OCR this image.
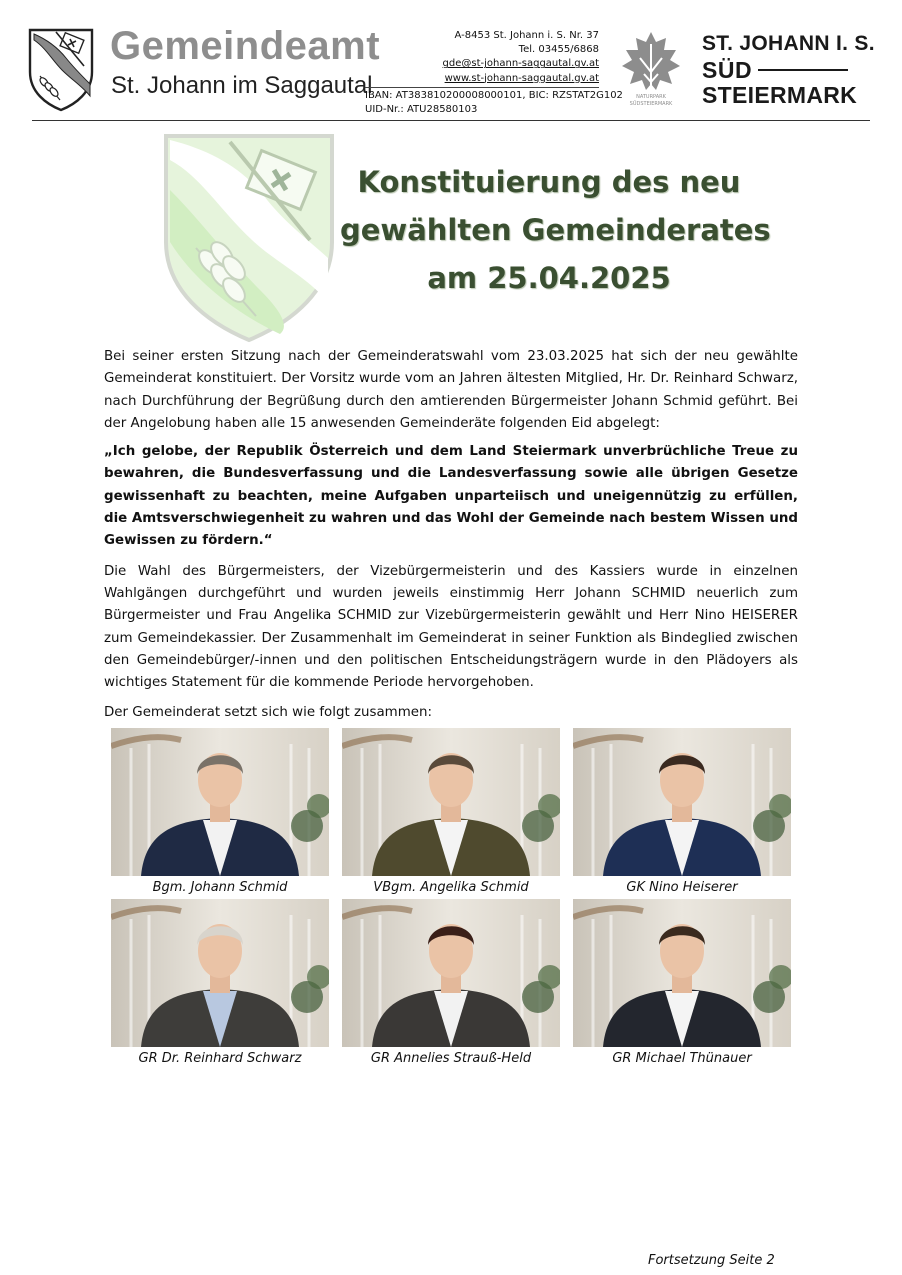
Gemeindeamt
St. Johann im Saggautal
A-8453 St. Johann i. S. Nr. 37
Tel. 03455/6868
gde@st-johann-saggautal.gv.at
www.st-johann-saggautal.gv.at
IBAN: AT383810200008000101, BIC: RZSTAT2G102
UID-Nr.: ATU28580103
NATURPARK
SÜDSTEIERMARK
ST. JOHANN I. S.
SÜD
STEIERMARK
Konstituierung des neu
gewählten Gemeinderates
am 25.04.2025

Bei seiner ersten Sitzung nach der Gemeinderatswahl vom 23.03.2025 hat sich der neu gewählte Gemeinderat konstituiert. Der Vorsitz wurde vom an Jahren ältesten Mitglied, Hr. Dr. Reinhard Schwarz, nach Durchführung der Begrüßung durch den amtierenden Bürgermeister Johann Schmid geführt. Bei der Angelobung haben alle 15 anwesenden Gemeinderäte folgenden Eid abgelegt:

„Ich gelobe, der Republik Österreich und dem Land Steiermark unverbrüchliche Treue zu bewahren, die Bundesverfassung und die Landesverfassung sowie alle übrigen Gesetze gewissenhaft zu beachten, meine Aufgaben unparteiisch und uneigennützig zu erfüllen, die Amtsverschwiegenheit zu wahren und das Wohl der Gemeinde nach bestem Wissen und Gewissen zu fördern.“

Die Wahl des Bürgermeisters, der Vizebürgermeisterin und des Kassiers wurde in einzelnen Wahlgängen durchgeführt und wurden jeweils einstimmig Herr Johann SCHMID neuerlich zum Bürgermeister und Frau Angelika SCHMID zur Vizebürgermeisterin gewählt und Herr Nino HEISERER zum Gemeindekassier. Der Zusammenhalt im Gemeinderat in seiner Funktion als Bindeglied zwischen den Gemeindebürger/-innen und den politischen Entscheidungsträgern wurde in den Plädoyers als wichtiges Statement für die kommende Periode hervorgehoben.

Der Gemeinderat setzt sich wie folgt zusammen:

Bgm. Johann Schmid	VBgm. Angelika Schmid	GK Nino Heiserer
GR Dr. Reinhard Schwarz	GR Annelies Strauß-Held	GR Michael Thünauer
Fortsetzung Seite 2
